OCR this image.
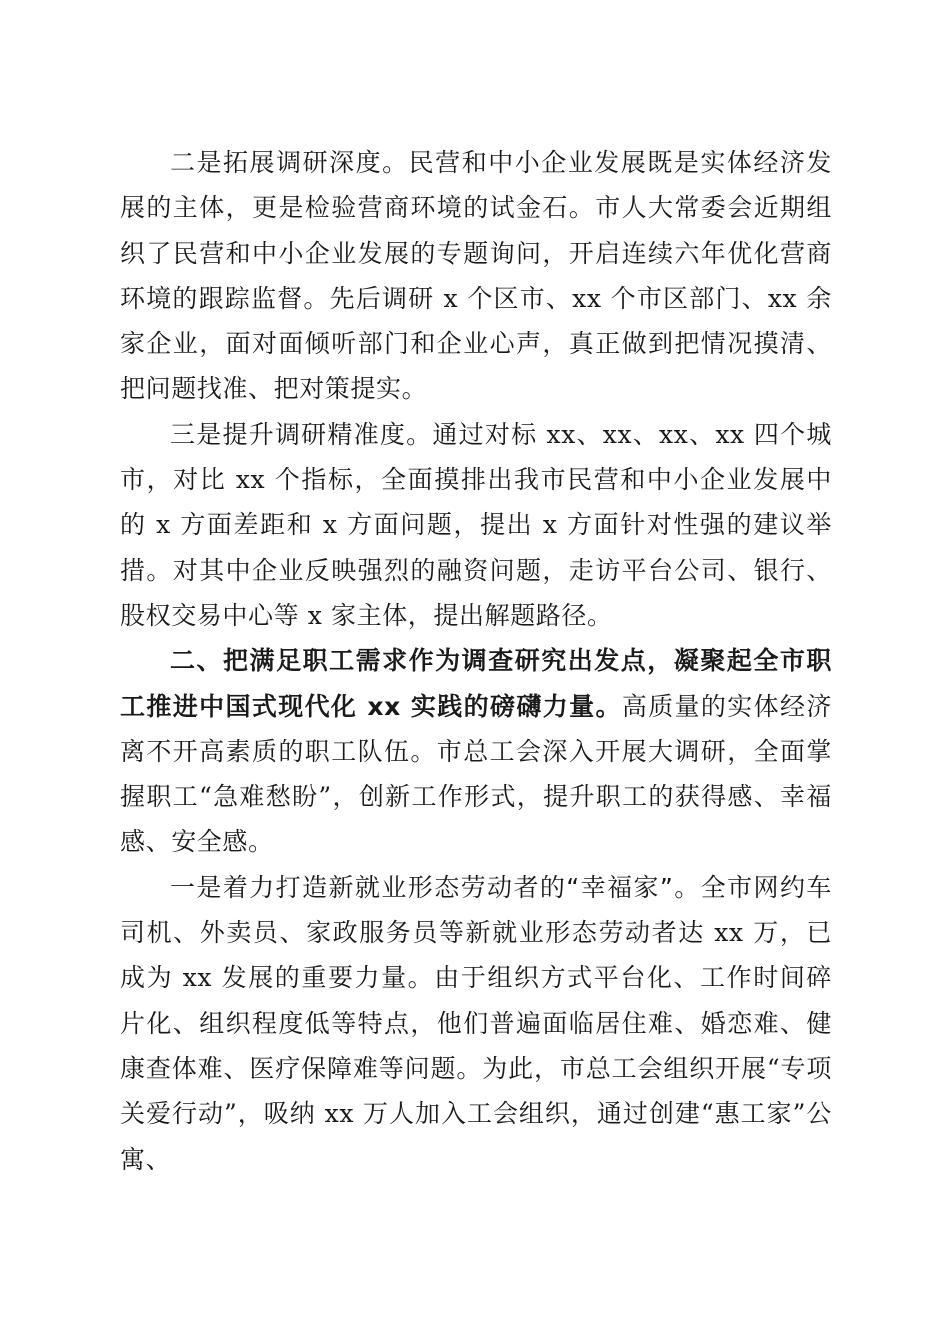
二是拓展调研深度。民营和中小企业发展既是实体经济发展的主体，更是检验营商环境的试金石。市人大常委会近期组织了民营和中小企业发展的专题询问，开启连续六年优化营商环境的跟踪监督。先后调研 x 个区市、xx 个市区部门、xx 余家企业，面对面倾听部门和企业心声，真正做到把情况摸清、把问题找准、把对策提实。

三是提升调研精准度。通过对标 xx、xx、xx、xx 四个城市，对比 xx 个指标，全面摸排出我市民营和中小企业发展中的 x 方面差距和 x 方面问题，提出 x 方面针对性强的建议举措。对其中企业反映强烈的融资问题，走访平台公司、银行、股权交易中心等 x 家主体，提出解题路径。

二、把满足职工需求作为调查研究出发点，凝聚起全市职工推进中国式现代化 xx 实践的磅礴力量。高质量的实体经济离不开高素质的职工队伍。市总工会深入开展大调研，全面掌握职工“急难愁盼”，创新工作形式，提升职工的获得感、幸福感、安全感。

一是着力打造新就业形态劳动者的“幸福家”。全市网约车司机、外卖员、家政服务员等新就业形态劳动者达 xx 万，已成为 xx 发展的重要力量。由于组织方式平台化、工作时间碎片化、组织程度低等特点，他们普遍面临居住难、婚恋难、健康查体难、医疗保障难等问题。为此，市总工会组织开展“专项关爱行动”，吸纳 xx 万人加入工会组织，通过创建“惠工家”公寓、
